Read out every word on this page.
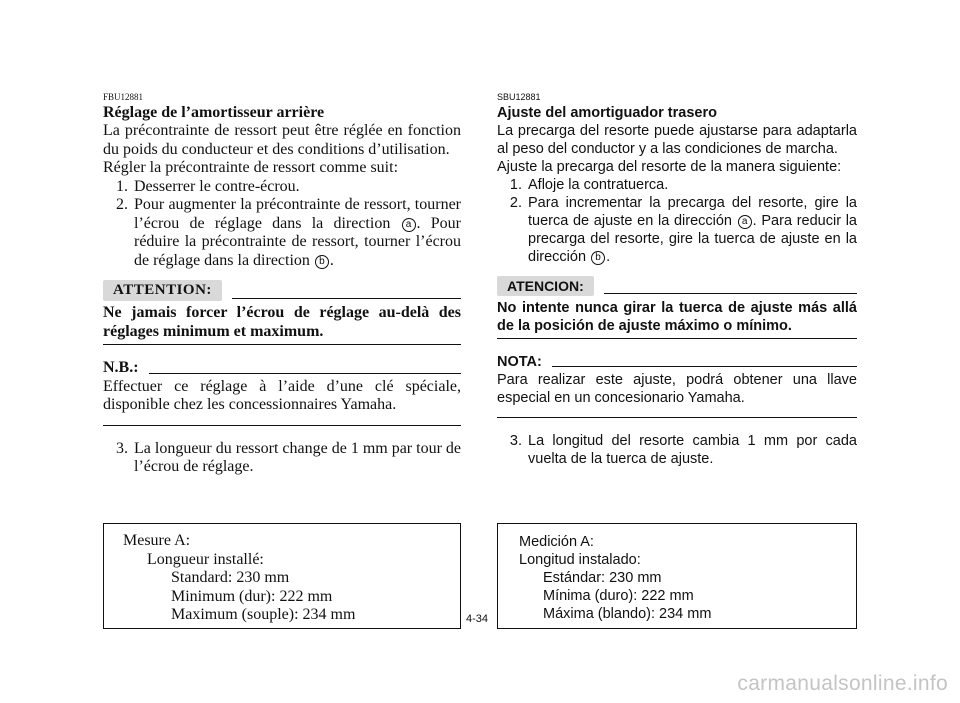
FBU12881
Réglage de l’amortisseur arrière
La précontrainte de ressort peut être réglée en fonction du poids du conducteur et des conditions d’utilisation.
Régler la précontrainte de ressort comme suit:
1. Desserrer le contre-écrou.
2. Pour augmenter la précontrainte de ressort, tourner l’écrou de réglage dans la direction a . Pour réduire la précontrainte de ressort, tourner l’écrou de réglage dans la direction b .
ATTENTION:
Ne jamais forcer l’écrou de réglage au-delà des réglages minimum et maximum.
N.B.:
Effectuer ce réglage à l’aide d’une clé spéciale, disponible chez les concessionnaires Yamaha.
3. La longueur du ressort change de 1 mm par tour de l’écrou de réglage.
SBU12881
Ajuste del amortiguador trasero
La precarga del resorte puede ajustarse para adaptarla al peso del conductor y a las condiciones de marcha.
Ajuste la precarga del resorte de la manera siguiente:
1. Afloje la contratuerca.
2. Para incrementar la precarga del resorte, gire la tuerca de ajuste en la dirección a . Para reducir la precarga del resorte, gire la tuerca de ajuste en la dirección b .
ATENCION:
No intente nunca girar la tuerca de ajuste más allá de la posición de ajuste máximo o mínimo.
NOTA:
Para realizar este ajuste, podrá obtener una llave especial en un concesionario Yamaha.
3. La longitud del resorte cambia 1 mm por cada vuelta de la tuerca de ajuste.
Mesure A:
Longueur installé:
Standard: 230 mm
Minimum (dur): 222 mm
Maximum (souple): 234 mm
Medición A:
Longitud instalado:
Estándar: 230 mm
Mínima (duro): 222 mm
Máxima (blando): 234 mm
4-34
carmanualsonline.info
